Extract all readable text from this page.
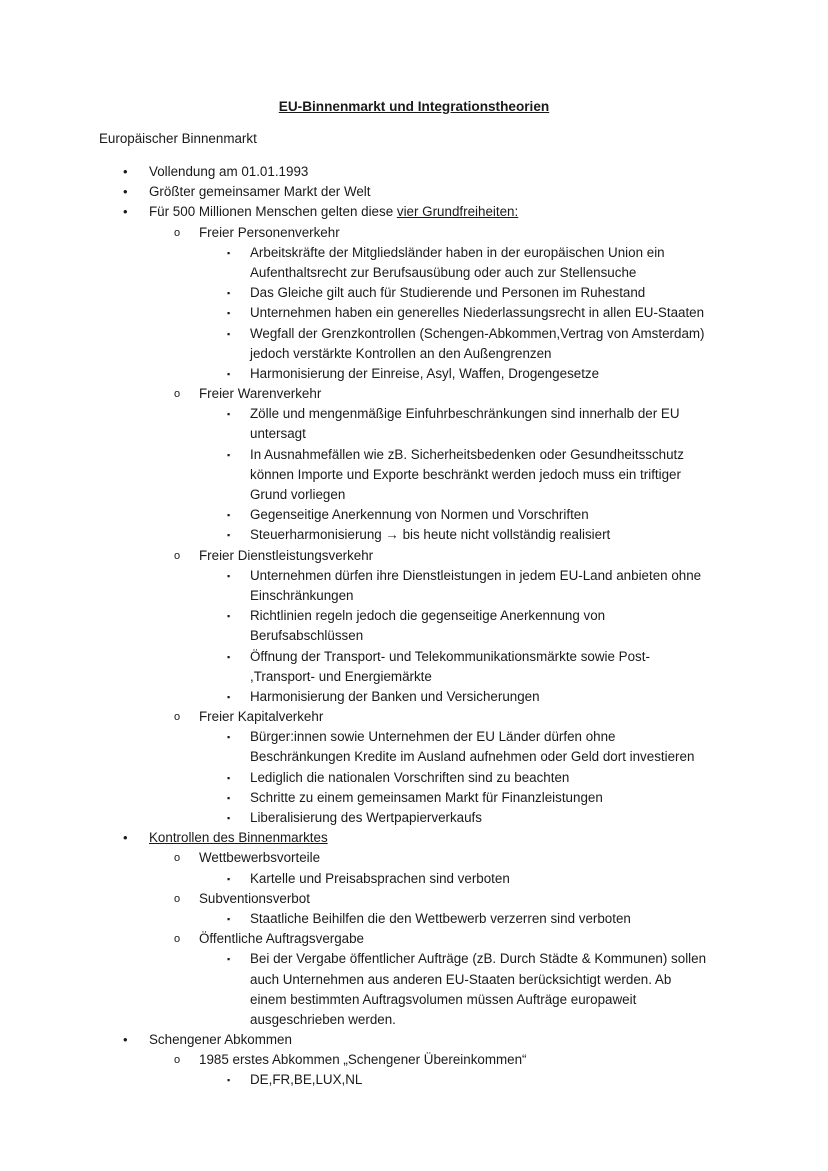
EU-Binnenmarkt und Integrationstheorien
Europäischer Binnenmarkt
• Vollendung am 01.01.1993
• Größter gemeinsamer Markt der Welt
• Für 500 Millionen Menschen gelten diese vier Grundfreiheiten:
o Freier Personenverkehr
▪ Arbeitskräfte der Mitgliedsländer haben in der europäischen Union ein
Aufenthaltsrecht zur Berufsausübung oder auch zur Stellensuche
▪ Das Gleiche gilt auch für Studierende und Personen im Ruhestand
▪ Unternehmen haben ein generelles Niederlassungsrecht in allen EU-Staaten
▪ Wegfall der Grenzkontrollen (Schengen-Abkommen,Vertrag von Amsterdam)
jedoch verstärkte Kontrollen an den Außengrenzen
▪ Harmonisierung der Einreise, Asyl, Waffen, Drogengesetze
o Freier Warenverkehr
▪ Zölle und mengenmäßige Einfuhrbeschränkungen sind innerhalb der EU
untersagt
▪ In Ausnahmefällen wie zB. Sicherheitsbedenken oder Gesundheitsschutz
können Importe und Exporte beschränkt werden jedoch muss ein triftiger
Grund vorliegen
▪ Gegenseitige Anerkennung von Normen und Vorschriften
▪ Steuerharmonisierung → bis heute nicht vollständig realisiert
o Freier Dienstleistungsverkehr
▪ Unternehmen dürfen ihre Dienstleistungen in jedem EU-Land anbieten ohne
Einschränkungen
▪ Richtlinien regeln jedoch die gegenseitige Anerkennung von
Berufsabschlüssen
▪ Öffnung der Transport- und Telekommunikationsmärkte sowie Post-
,Transport- und Energiemärkte
▪ Harmonisierung der Banken und Versicherungen
o Freier Kapitalverkehr
▪ Bürger:innen sowie Unternehmen der EU Länder dürfen ohne
Beschränkungen Kredite im Ausland aufnehmen oder Geld dort investieren
▪ Lediglich die nationalen Vorschriften sind zu beachten
▪ Schritte zu einem gemeinsamen Markt für Finanzleistungen
▪ Liberalisierung des Wertpapierverkaufs
• Kontrollen des Binnenmarktes
o Wettbewerbsvorteile
▪ Kartelle und Preisabsprachen sind verboten
o Subventionsverbot
▪ Staatliche Beihilfen die den Wettbewerb verzerren sind verboten
o Öffentliche Auftragsvergabe
▪ Bei der Vergabe öffentlicher Aufträge (zB. Durch Städte & Kommunen) sollen
auch Unternehmen aus anderen EU-Staaten berücksichtigt werden. Ab
einem bestimmten Auftragsvolumen müssen Aufträge europaweit
ausgeschrieben werden.
• Schengener Abkommen
o 1985 erstes Abkommen „Schengener Übereinkommen“
▪ DE,FR,BE,LUX,NL
